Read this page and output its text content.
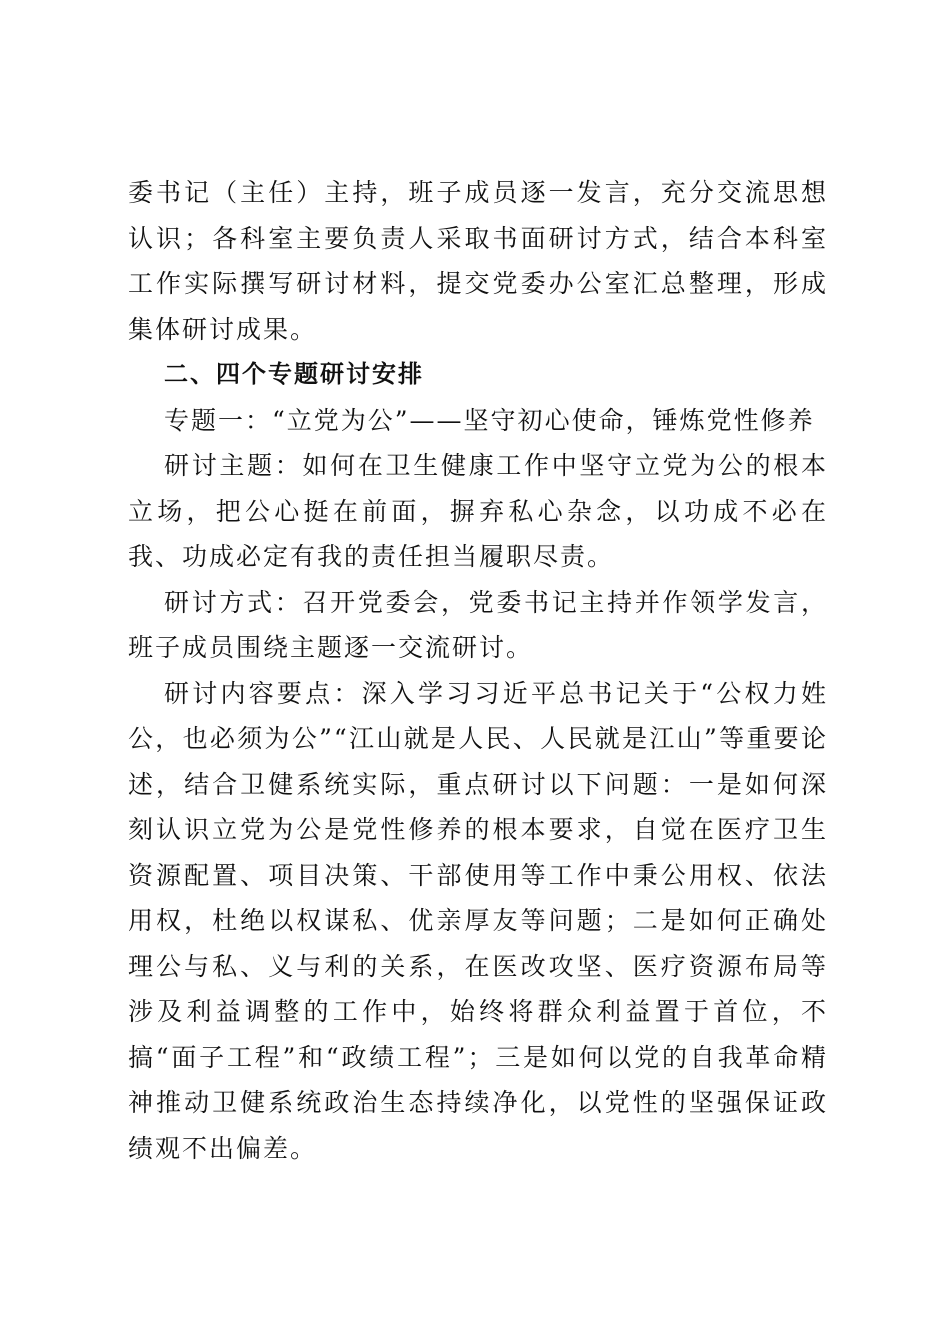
委书记（主任）主持，班子成员逐一发言，充分交流思想认识；各科室主要负责人采取书面研讨方式，结合本科室工作实际撰写研讨材料，提交党委办公室汇总整理，形成集体研讨成果。

二、四个专题研讨安排

专题一：“立党为公”——坚守初心使命，锤炼党性修养

研讨主题：如何在卫生健康工作中坚守立党为公的根本立场，把公心挺在前面，摒弃私心杂念，以功成不必在我、功成必定有我的责任担当履职尽责。

研讨方式：召开党委会，党委书记主持并作领学发言，班子成员围绕主题逐一交流研讨。

研讨内容要点：深入学习习近平总书记关于“公权力姓公，也必须为公”“江山就是人民、人民就是江山”等重要论述，结合卫健系统实际，重点研讨以下问题：一是如何深刻认识立党为公是党性修养的根本要求，自觉在医疗卫生资源配置、项目决策、干部使用等工作中秉公用权、依法用权，杜绝以权谋私、优亲厚友等问题；二是如何正确处理公与私、义与利的关系，在医改攻坚、医疗资源布局等涉及利益调整的工作中，始终将群众利益置于首位，不搞“面子工程”和“政绩工程”；三是如何以党的自我革命精神推动卫健系统政治生态持续净化，以党性的坚强保证政绩观不出偏差。
